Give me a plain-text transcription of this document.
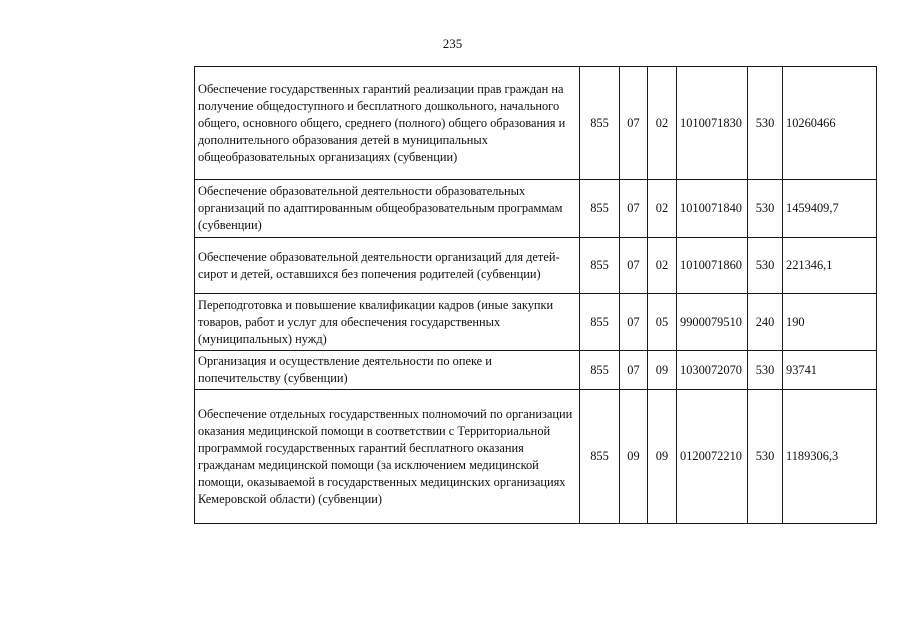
235
Обеспечение государственных гарантий реализации прав граждан на получение общедоступного и бесплатного дошкольного, начального общего, основного общего, среднего (полного) общего образования и дополнительного образования детей в муниципальных общеобразовательных организациях (субвенции)	855	07	02	1010071830	530	10260466
Обеспечение образовательной деятельности образовательных организаций по адаптированным общеобразовательным программам (субвенции)	855	07	02	1010071840	530	1459409,7
Обеспечение образовательной деятельности организаций для детей-сирот и детей, оставшихся без попечения родителей (субвенции)	855	07	02	1010071860	530	221346,1
Переподготовка и повышение квалификации кадров (иные закупки товаров, работ и услуг для обеспечения государственных (муниципальных) нужд)	855	07	05	9900079510	240	190
Организация и осуществление деятельности по опеке и попечительству (субвенции)	855	07	09	1030072070	530	93741
Обеспечение отдельных государственных полномочий по организации оказания медицинской помощи в соответствии с Территориальной программой государственных гарантий бесплатного оказания гражданам медицинской помощи (за исключением медицинской помощи, оказываемой в государственных медицинских организациях Кемеровской области) (субвенции)	855	09	09	0120072210	530	1189306,3
